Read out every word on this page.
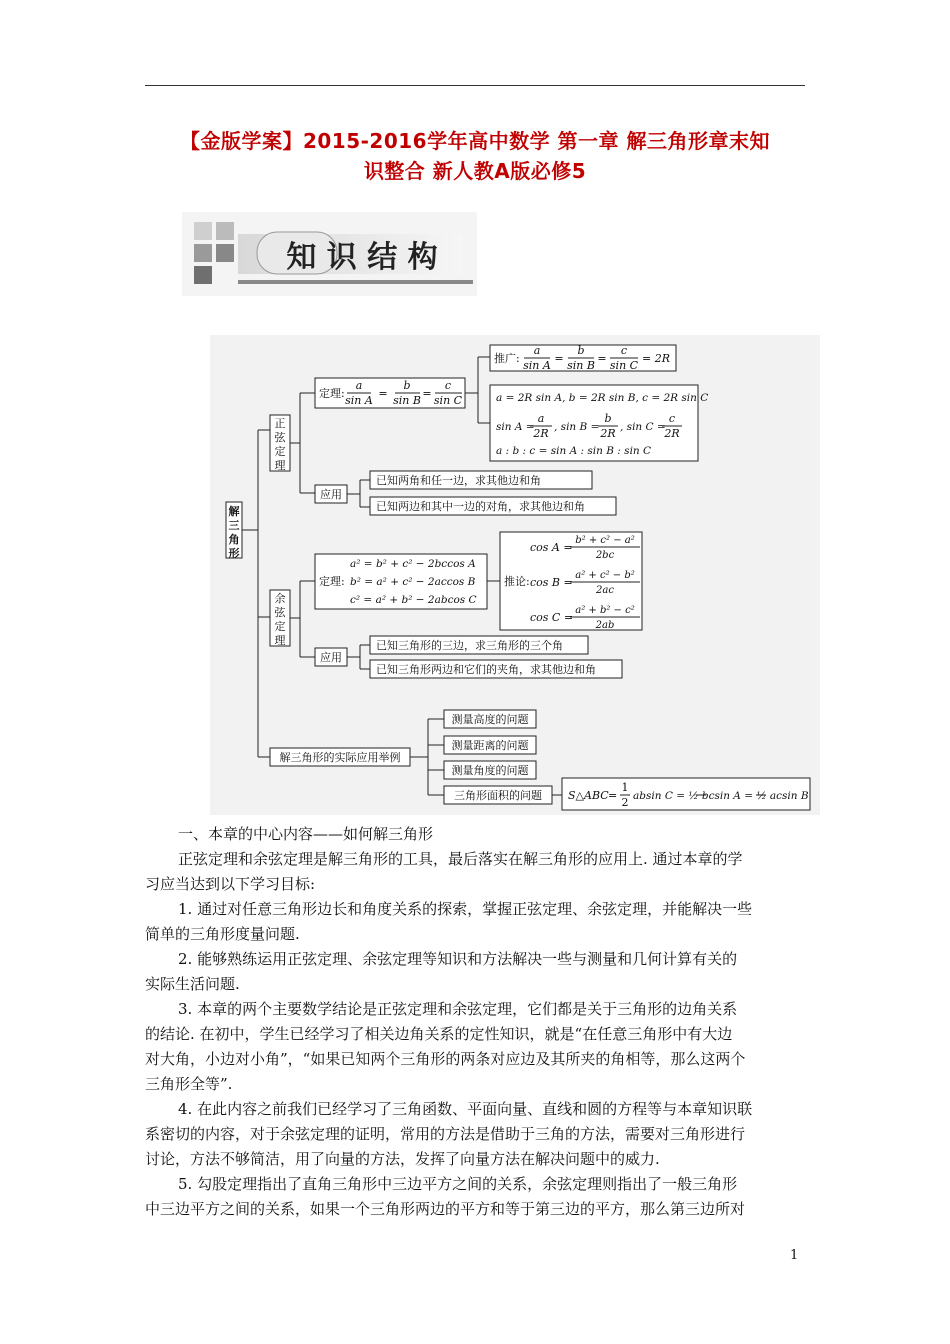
【金版学案】2015-2016学年高中数学 第一章 解三角形章末知
识整合 新人教A版必修5
知 识 结 构
解三角形
正弦定理
余弦定理
定理:
a
sin A
=
b
sin B
=
c
sin C
推广:
a
sin A
=
b
sin B
=
c
sin C
= 2R
a = 2R sin A, b = 2R sin B, c = 2R sin C
sin A =
a
2R , sin B =
b
2R , sin C =
c
2R
a : b : c = sin A : sin B : sin C
应用
已知两角和任一边，求其他边和角
已知两边和其中一边的对角，求其他边和角
定理:
a² = b² + c² − 2bccos A
b² = a² + c² − 2accos B
c² = a² + b² − 2abcos C
推论:
cos A =
b² + c² − a²
2bc
cos B =
a² + c² − b²
2ac
cos C =
a² + b² − c²
2ab
应用
已知三角形的三边，求三角形的三个角
已知三角形两边和它们的夹角，求其他边和角
解三角形的实际应用举例
测量高度的问题
测量距离的问题
测量角度的问题
三角形面积的问题 S△ABC =
1
2 absin C = ½ bcsin A = ½ acsin B
一、本章的中心内容——如何解三角形
正弦定理和余弦定理是解三角形的工具，最后落实在解三角形的应用上. 通过本章的学
习应当达到以下学习目标:
1. 通过对任意三角形边长和角度关系的探索，掌握正弦定理、余弦定理，并能解决一些
简单的三角形度量问题.
2. 能够熟练运用正弦定理、余弦定理等知识和方法解决一些与测量和几何计算有关的
实际生活问题.
3. 本章的两个主要数学结论是正弦定理和余弦定理，它们都是关于三角形的边角关系
的结论. 在初中，学生已经学习了相关边角关系的定性知识，就是“在任意三角形中有大边
对大角，小边对小角”，“如果已知两个三角形的两条对应边及其所夹的角相等，那么这两个
三角形全等”.
4. 在此内容之前我们已经学习了三角函数、平面向量、直线和圆的方程等与本章知识联
系密切的内容，对于余弦定理的证明，常用的方法是借助于三角的方法，需要对三角形进行
讨论，方法不够简洁，用了向量的方法，发挥了向量方法在解决问题中的威力.
5. 勾股定理指出了直角三角形中三边平方之间的关系，余弦定理则指出了一般三角形
中三边平方之间的关系，如果一个三角形两边的平方和等于第三边的平方，那么第三边所对
1
